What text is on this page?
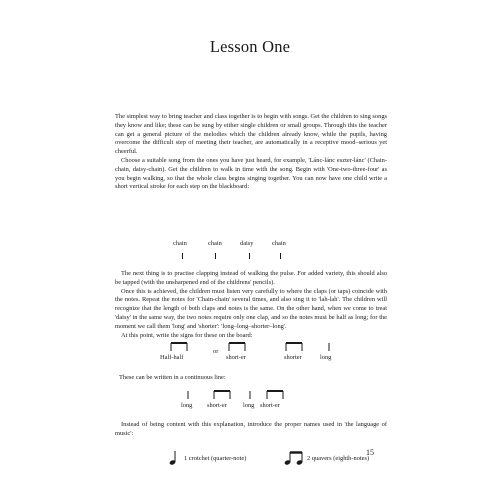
Lesson One

The simplest way to bring teacher and class together is to begin with songs. Get the children to sing songs they know and like; these can be sung by either single children or small groups. Through this the teacher can get a general picture of the melodies which the children already know, while the pupils, having overcome the difficult step of meeting their teacher, are automatically in a receptive mood–serious yet cheerful.

Choose a suitable song from the ones you have just heard, for example, 'Lánc-lánc eszter-lánc' (Chain-chain, daisy-chain). Get the children to walk in time with the song. Begin with 'One-two-three-four' as you begin walking, so that the whole class begins singing together. You can now have one child write a short vertical stroke for each step on the blackboard:

chain	chain	daisy	chain

The next thing is to practise clapping instead of walking the pulse. For added variety, this should also be tapped (with the unsharpened end of the childrens' pencils).

Once this is achieved, the children must listen very carefully to where the claps (or taps) coincide with the notes. Repeat the notes for 'Chain-chain' several times, and also sing it to 'lah-lah'. The children will recognize that the length of both claps and notes is the same. On the other hand, when we come to treat 'daisy' in the same way, the two notes require only one clap, and so the notes must be half as long; for the moment we call them 'long' and 'shorter': 'long–long–shorter–long'.

At this point, write the signs for these on the board:

Half-half
or
short-er	shorter	long
These can be written in a continuous line:
long short-er	long short-er

Instead of being content with this explanation, introduce the proper names used in 'the language of music':

1 crotchet (quarter-note)	2 quavers (eighth-notes)
15
